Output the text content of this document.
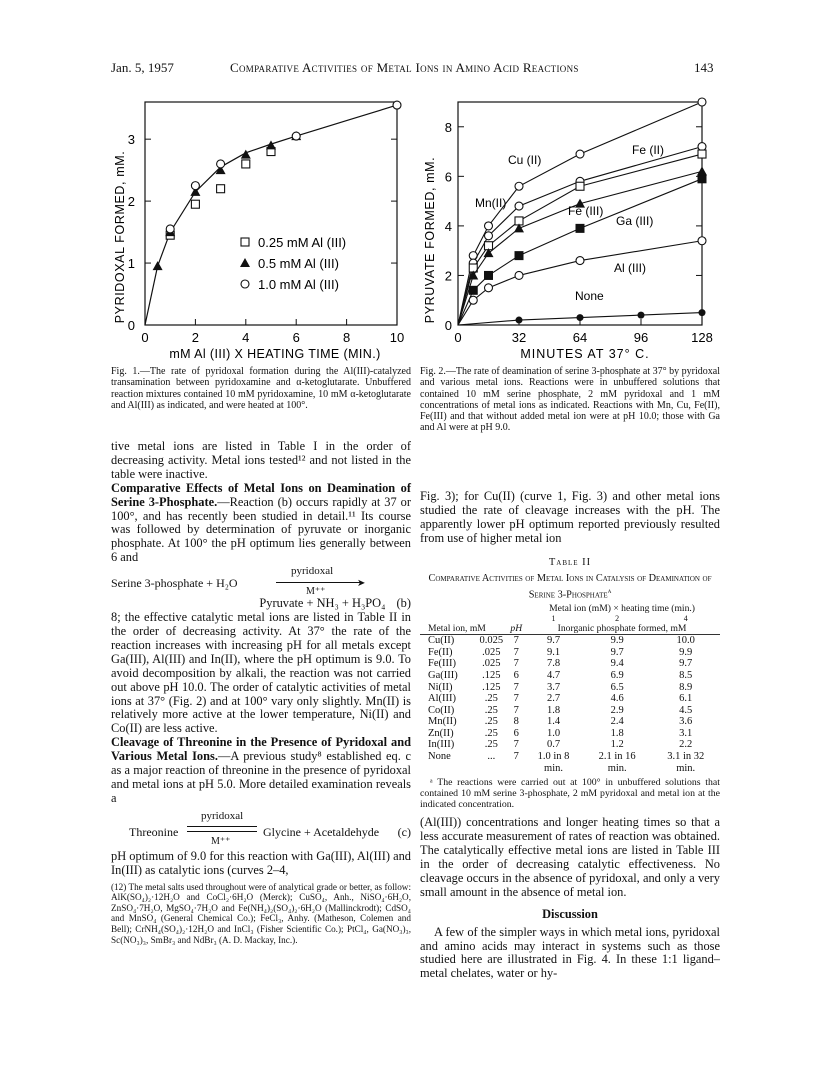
Jan. 5, 1957	Comparative Activities of Metal Ions in Amino Acid Reactions	143
0
1
2
3
0	2	4	6	8	10
0.25 mM Al (III)
0.5 mM Al (III)
1.0 mM Al (III)
PYRIDOXAL FORMED, mM.
mM Al (III) X HEATING TIME (MIN.)
0
2
4
6
8
0	32	64	96	128
Cu (II)
Mn(II)
Fe (II)
Fe (III)
Ga (III)
Al (III)
None
PYRUVATE FORMED, mM.
MINUTES AT 37° C.
Fig. 1.—The rate of pyridoxal formation during the Al(III)-catalyzed transamination between pyridoxamine and α-ketoglutarate. Unbuffered reaction mixtures contained 10 mM pyridoxamine, 10 mM α-ketoglutarate and Al(III) as indicated, and were heated at 100°.
Fig. 2.—The rate of deamination of serine 3-phosphate at 37° by pyridoxal and various metal ions. Reactions were in unbuffered solutions that contained 10 mM serine phosphate, 2 mM pyridoxal and 1 mM concentrations of metal ions as indicated. Reactions with Mn, Cu, Fe(II), Fe(III) and that without added metal ion were at pH 10.0; those with Ga and Al were at pH 9.0.

tive metal ions are listed in Table I in the order of decreasing activity. Metal ions tested¹² and not listed in the table were inactive.

Comparative Effects of Metal Ions on Deamination of Serine 3-Phosphate.—Reaction (b) occurs rapidly at 37 or 100°, and has recently been studied in detail.¹¹ Its course was followed by determination of pyruvate or inorganic phosphate. At 100° the pH optimum lies generally between 6 and

Serine 3-phosphate + H₂O
pyridoxal
➤
M⁺⁺
Pyruvate + NH₃ + H₃PO₄ (b)

8; the effective catalytic metal ions are listed in Table II in the order of decreasing activity. At 37° the rate of the reaction increases with increasing pH for all metals except Ga(III), Al(III) and In(II), where the pH optimum is 9.0. To avoid decomposition by alkali, the reaction was not carried out above pH 10.0. The order of catalytic activities of metal ions at 37° (Fig. 2) and at 100° vary only slightly. Mn(II) is relatively more active at the lower temperature, Ni(II) and Co(II) are less active.

Cleavage of Threonine in the Presence of Pyridoxal and Various Metal Ions.—A previous study⁸ established eq. c as a major reaction of threonine in the presence of pyridoxal and metal ions at pH 5.0. More detailed examination reveals a

Threonine
pyridoxal
M⁺⁺
Glycine + Acetaldehyde (c)

pH optimum of 9.0 for this reaction with Ga(III), Al(III) and In(III) as catalytic ions (curves 2–4,

(12) The metal salts used throughout were of analytical grade or better, as follow: AlK(SO₄)₂·12H₂O and CoCl₂·6H₂O (Merck); CuSO₄, Anh., NiSO₄·6H₂O, ZnSO₄·7H₂O, MgSO₄·7H₂O and Fe(NH₄)₂(SO₄)₂·6H₂O (Mallinckrodt); CdSO₄ and MnSO₄ (General Chemical Co.); FeCl₃, Anhy. (Matheson, Colemen and Bell); CrNH₄(SO₄)₂·12H₂O and InCl₃ (Fisher Scientific Co.); PtCl₄, Ga(NO₃)₃, Sc(NO₃)₃, SmBr₃ and NdBr₃ (A. D. Mackay, Inc.).

Fig. 3); for Cu(II) (curve 1, Fig. 3) and other metal ions studied the rate of cleavage increases with the pH. The apparently lower pH optimum reported previously resulted from use of higher metal ion

Table II
Comparative Activities of Metal Ions in Catalysis of Deamination of Serine 3-Phosphate$^a$
			Metal ion (mM) × heating time (min.)		
			1	2	4
Metal ion, mM		pH	Inorganic phosphate formed, mM		
Cu(II)	0.025	7	9.7	9.9	10.0
Fe(II)	.025	7	9.1	9.7	9.9
Fe(III)	.025	7	7.8	9.4	9.7
Ga(III)	.125	6	4.7	6.9	8.5
Ni(II)	.125	7	3.7	6.5	8.9
Al(III)	.25	7	2.7	4.6	6.1
Co(II)	.25	7	1.8	2.9	4.5
Mn(II)	.25	8	1.4	2.4	3.6
Zn(II)	.25	6	1.0	1.8	3.1
In(III)	.25	7	0.7	1.2	2.2
None	...	7	1.0 in 8	2.1 in 16	3.1 in 32
			min.	min.	min.

ᵃ The reactions were carried out at 100° in unbuffered solutions that contained 10 mM serine 3-phosphate, 2 mM pyridoxal and metal ion at the indicated concentration.

(Al(III)) concentrations and longer heating times so that a less accurate measurement of rates of reaction was obtained. The catalytically effective metal ions are listed in Table III in the order of decreasing catalytic effectiveness. No cleavage occurs in the absence of pyridoxal, and only a very small amount in the absence of metal ion.

Discussion

A few of the simpler ways in which metal ions, pyridoxal and amino acids may interact in systems such as those studied here are illustrated in Fig. 4. In these 1:1 ligand–metal chelates, water or hy-
